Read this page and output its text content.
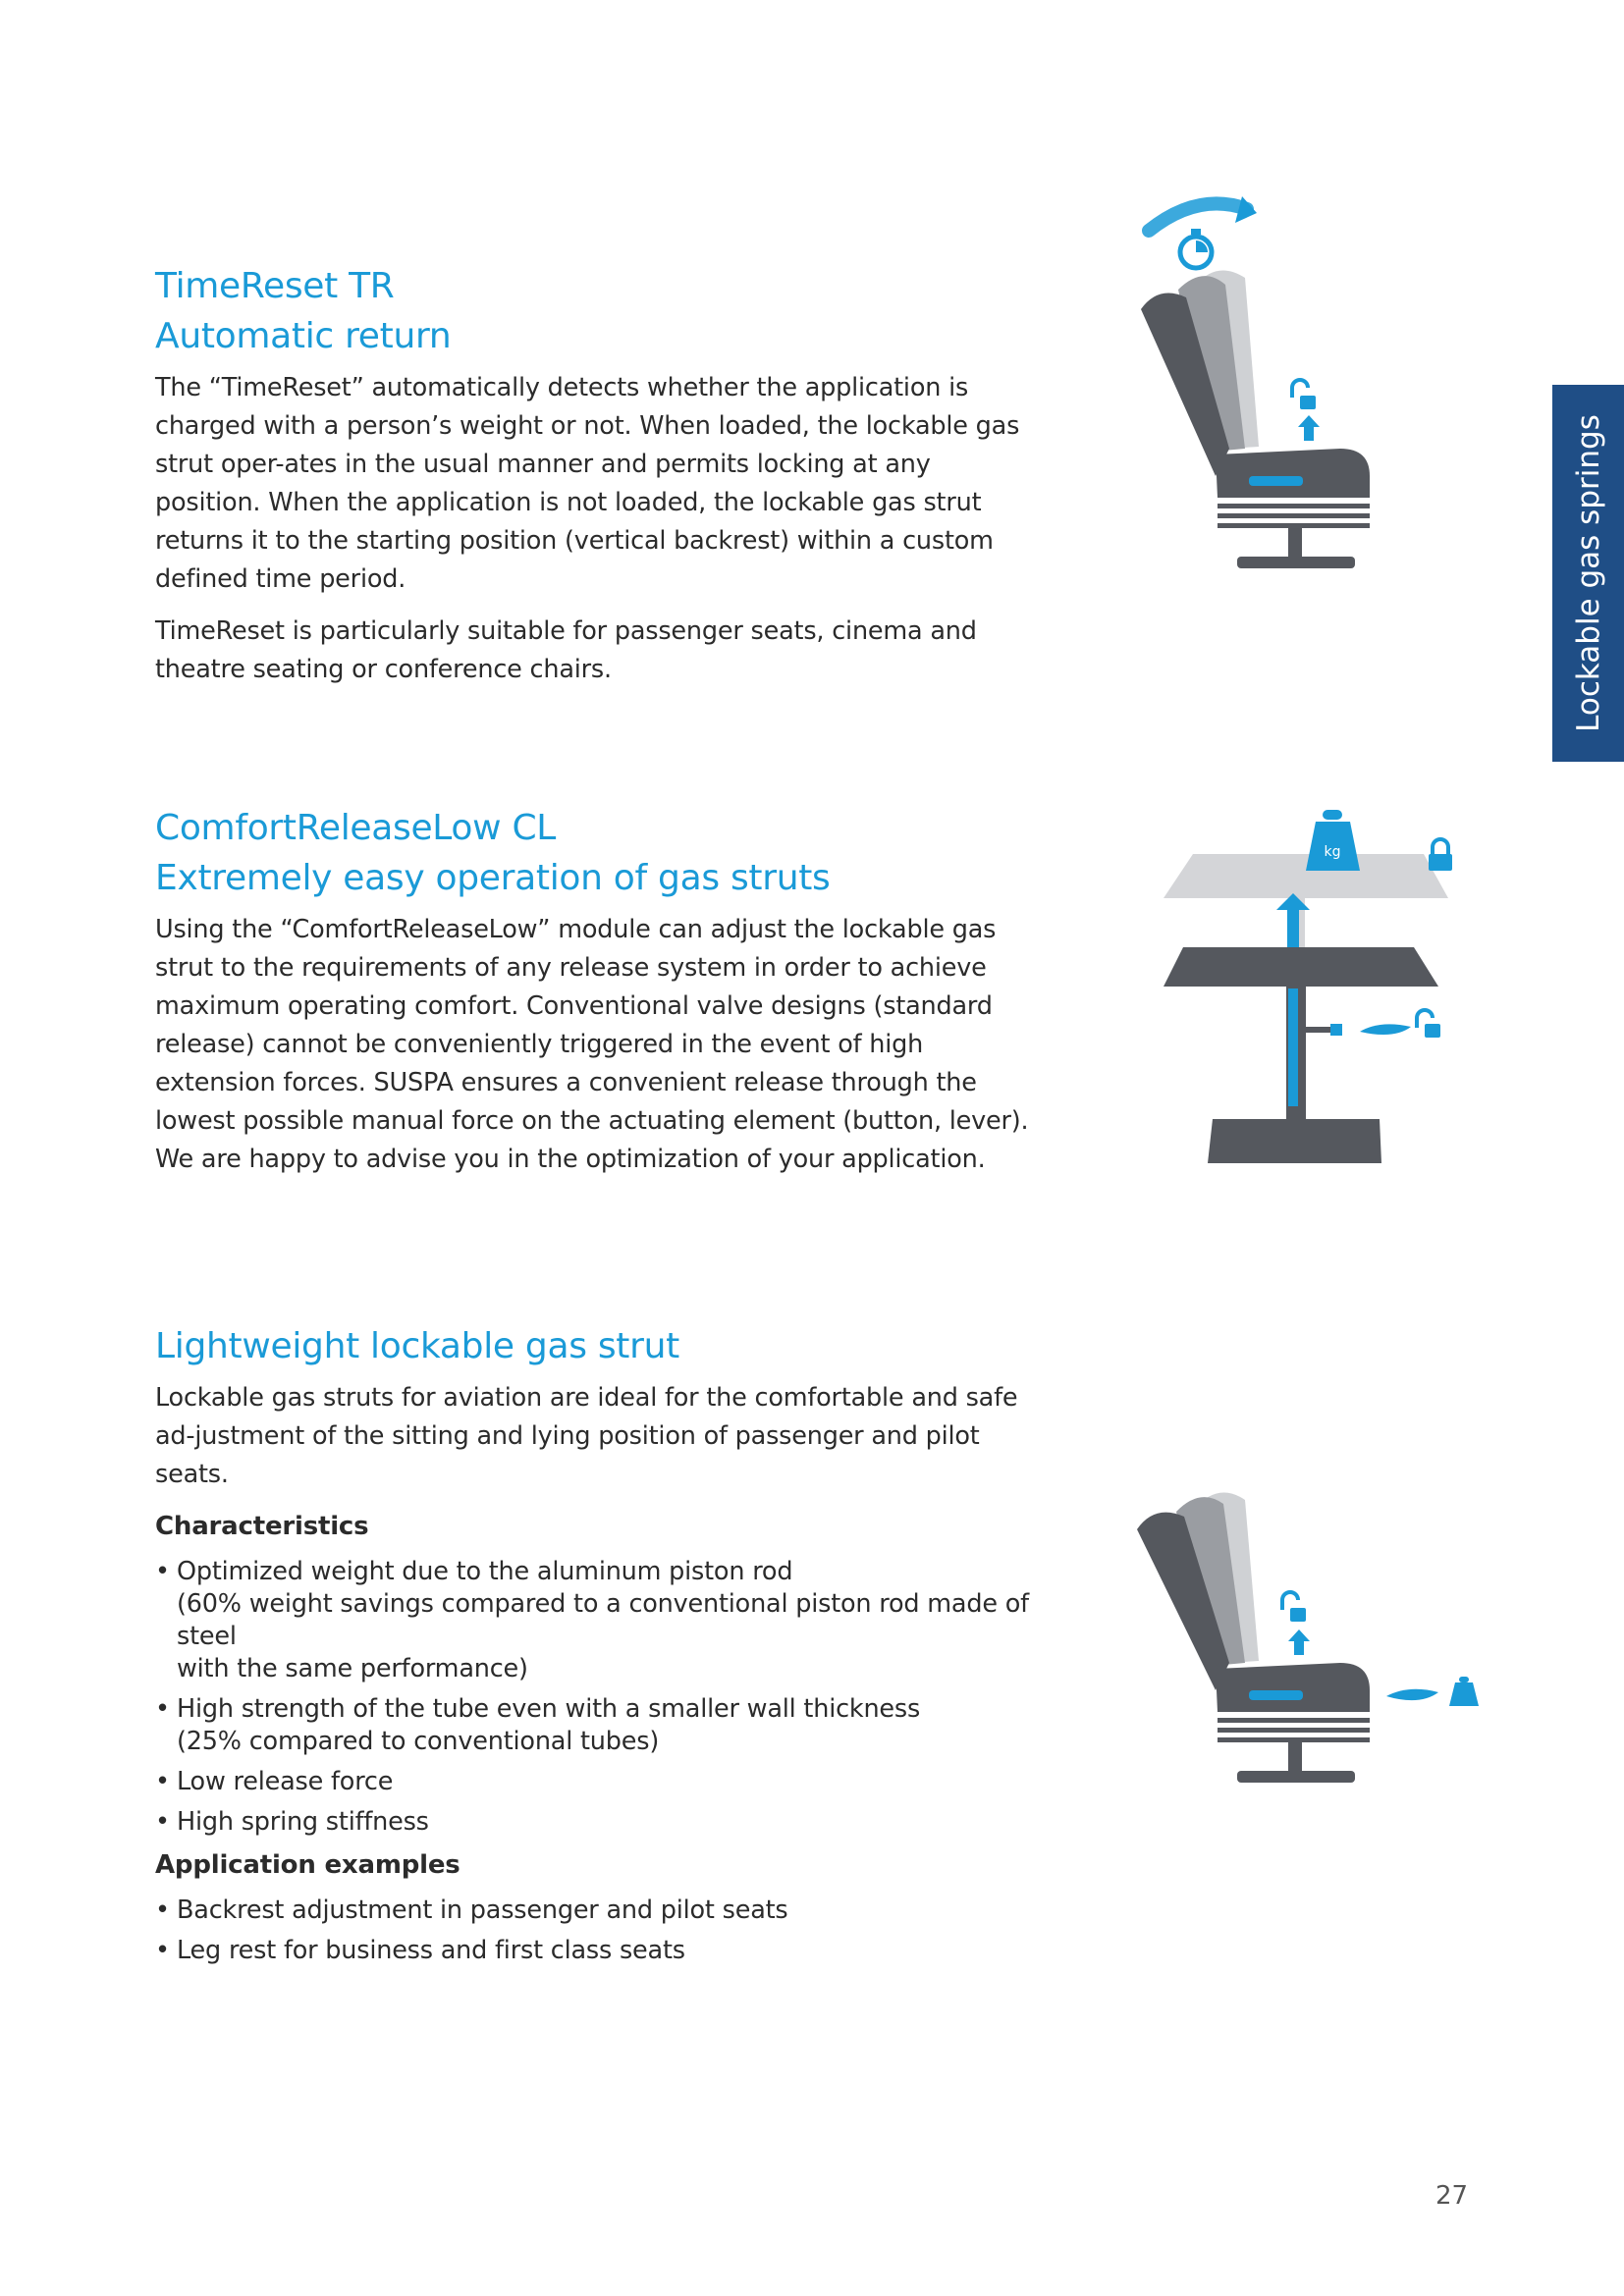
Lockable gas springs
TimeReset TR
Automatic return

The “TimeReset” automatically detects whether the application is charged with a person’s weight or not. When loaded, the lockable gas strut oper-ates in the usual manner and permits locking at any position. When the application is not loaded, the lockable gas strut returns it to the starting position (vertical backrest) within a custom defined time period.

TimeReset is particularly suitable for passenger seats, cinema and theatre seating or conference chairs.

ComfortReleaseLow CL
Extremely easy operation of gas struts

Using the “ComfortReleaseLow” module can adjust the lockable gas strut to the requirements of any release system in order to achieve maximum operating comfort. Conventional valve designs (standard release) cannot be conveniently triggered in the event of high extension forces. SUSPA ensures a convenient release through the lowest possible manual force on the actuating element (button, lever). We are happy to advise you in the optimization of your application.

Lightweight lockable gas strut

Lockable gas struts for aviation are ideal for the comfortable and safe ad-justment of the sitting and lying position of passenger and pilot seats.

Characteristics

• Optimized weight due to the aluminum piston rod
(60% weight savings compared to a conventional piston rod made of steel
with the same performance)
• High strength of the tube even with a smaller wall thickness
(25% compared to conventional tubes)
• Low release force
• High spring stiffness

Application examples

• Backrest adjustment in passenger and pilot seats
• Leg rest for business and first class seats
kg
27
